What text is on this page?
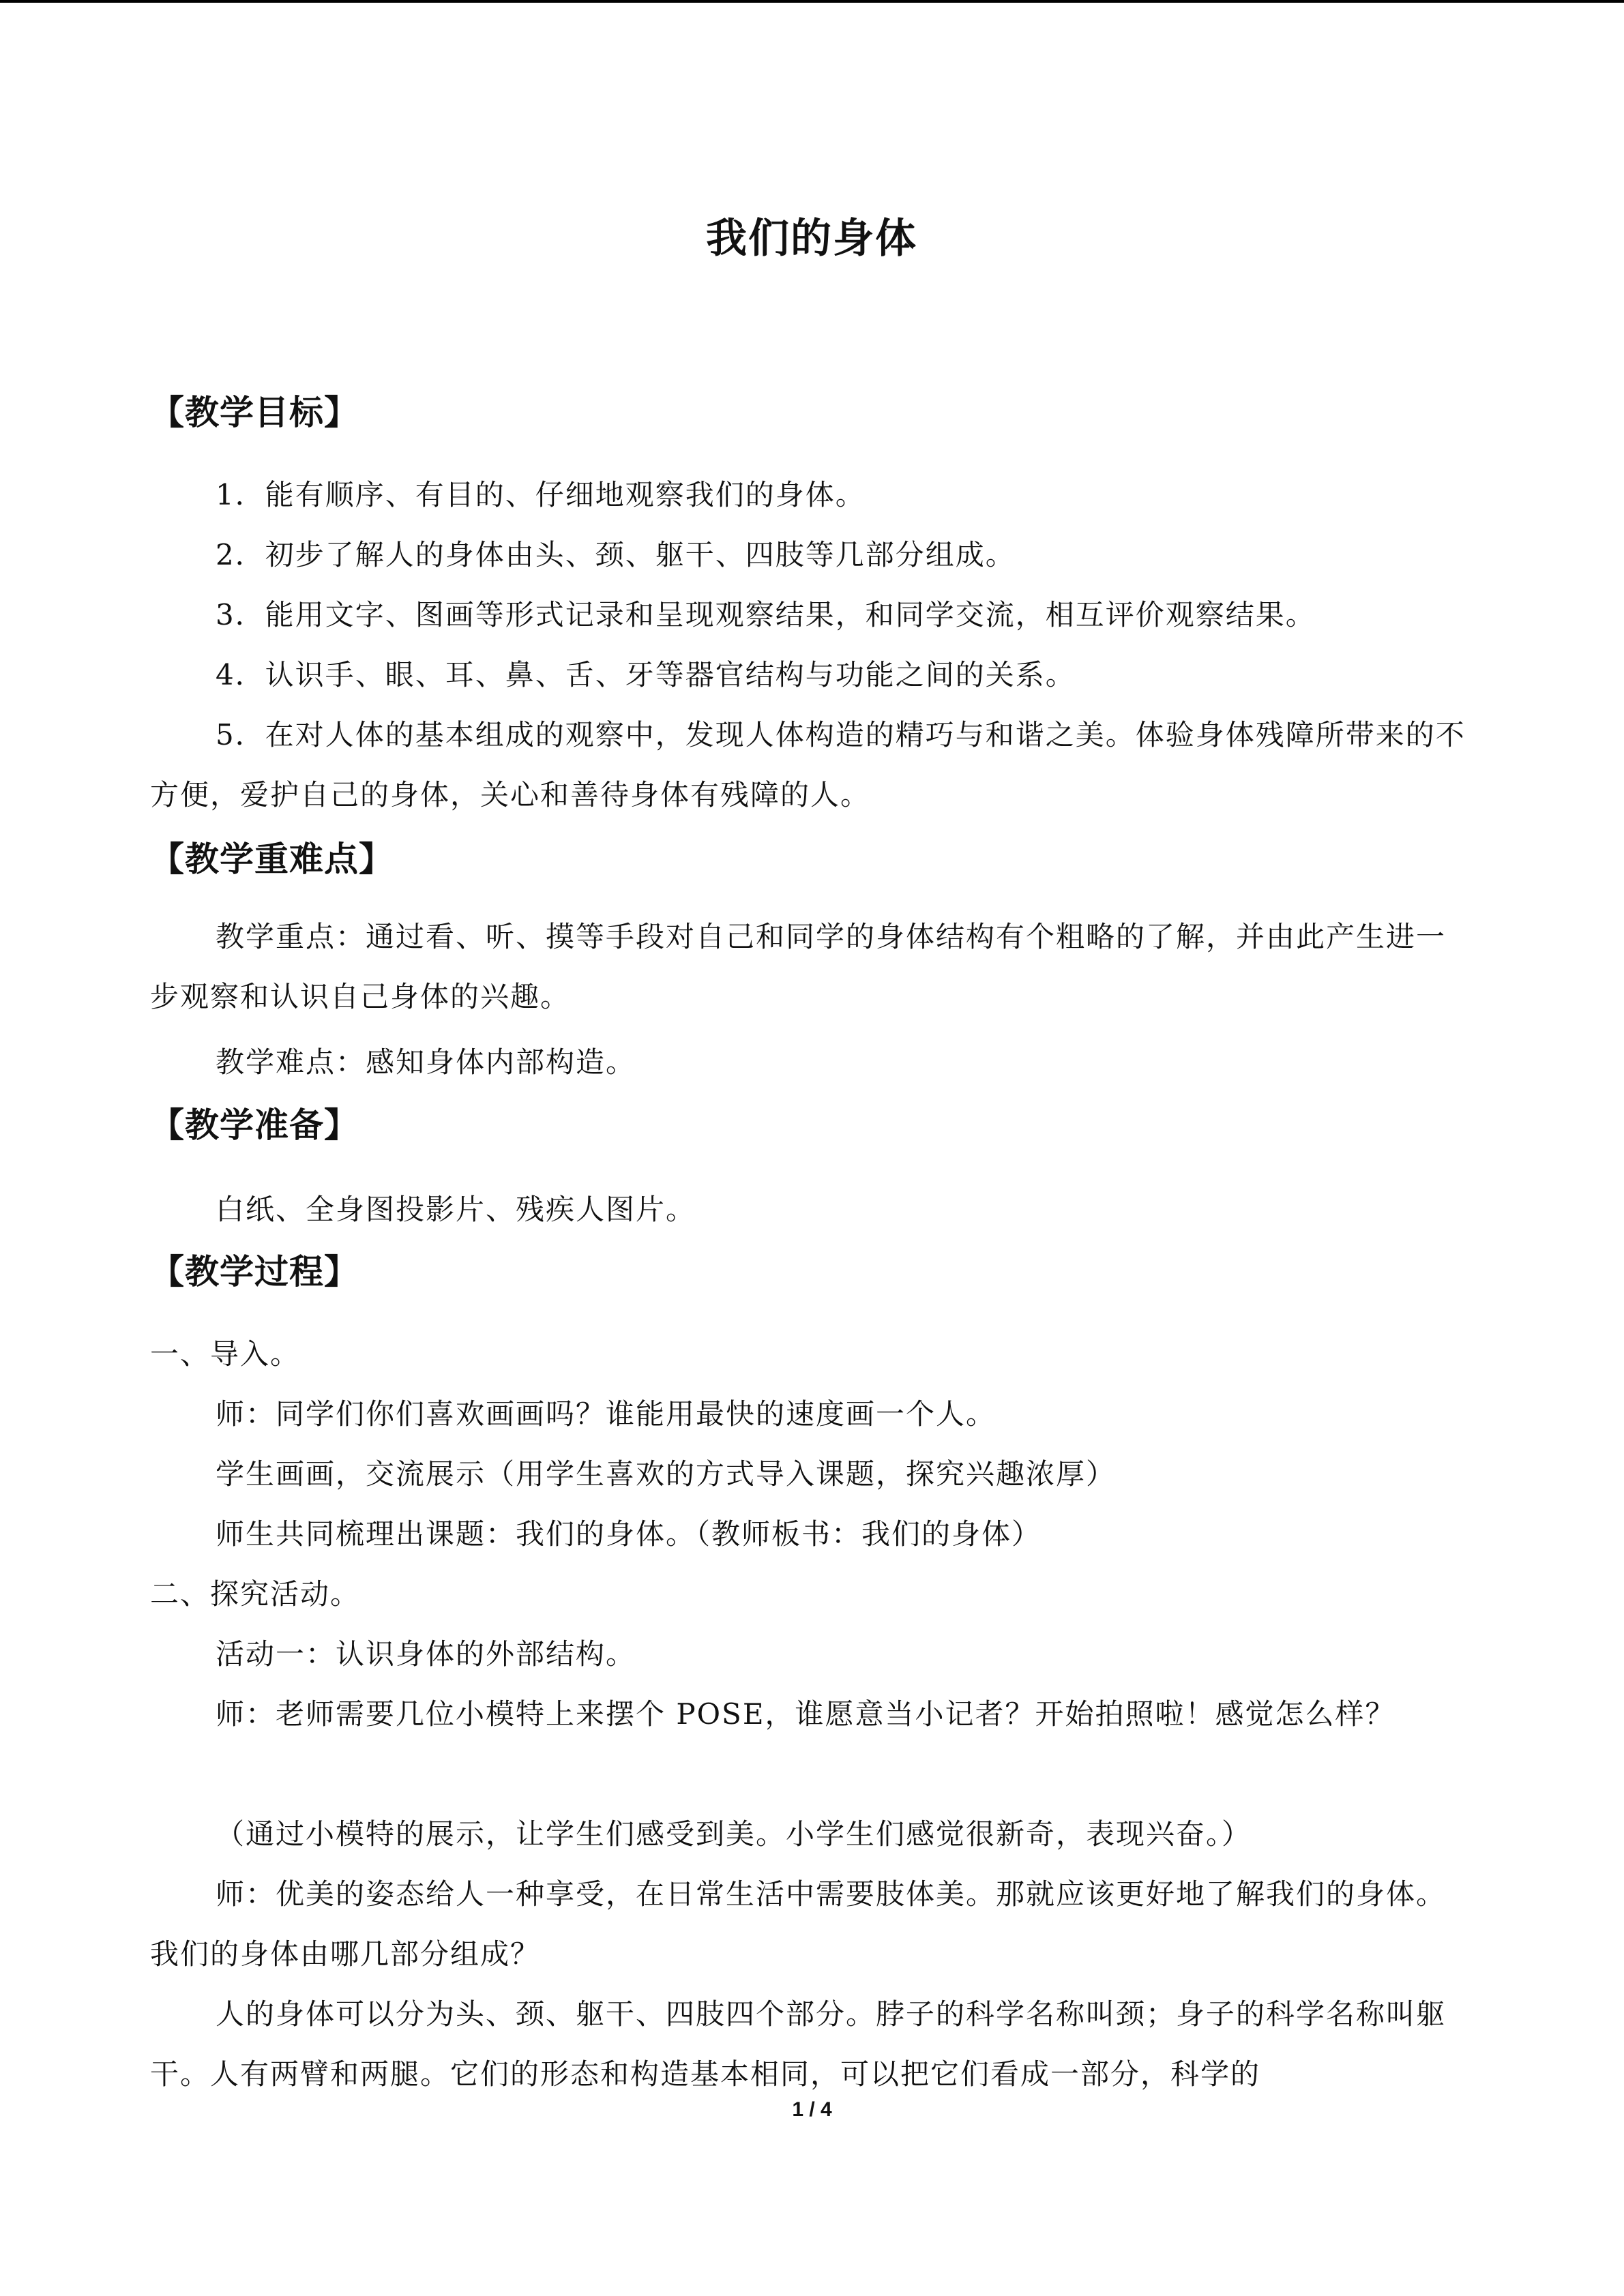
我们的身体
【教学目标】
1．能有顺序、有目的、仔细地观察我们的身体。
2．初步了解人的身体由头、颈、躯干、四肢等几部分组成。
3．能用文字、图画等形式记录和呈现观察结果，和同学交流，相互评价观察结果。
4．认识手、眼、耳、鼻、舌、牙等器官结构与功能之间的关系。
5．在对人体的基本组成的观察中，发现人体构造的精巧与和谐之美。体验身体残障所带来的不方便，爱护自己的身体，关心和善待身体有残障的人。
【教学重难点】
教学重点：通过看、听、摸等手段对自己和同学的身体结构有个粗略的了解，并由此产生进一步观察和认识自己身体的兴趣。
教学难点：感知身体内部构造。
【教学准备】
白纸、全身图投影片、残疾人图片。
【教学过程】
一、导入。
师：同学们你们喜欢画画吗？谁能用最快的速度画一个人。
学生画画，交流展示（用学生喜欢的方式导入课题，探究兴趣浓厚）
师生共同梳理出课题：我们的身体。（教师板书：我们的身体）
二、探究活动。
活动一：认识身体的外部结构。
师：老师需要几位小模特上来摆个 POSE，谁愿意当小记者？开始拍照啦！感觉怎么样？
（通过小模特的展示，让学生们感受到美。小学生们感觉很新奇，表现兴奋。）
师：优美的姿态给人一种享受，在日常生活中需要肢体美。那就应该更好地了解我们的身体。我们的身体由哪几部分组成？
人的身体可以分为头、颈、躯干、四肢四个部分。脖子的科学名称叫颈；身子的科学名称叫躯干。人有两臂和两腿。它们的形态和构造基本相同，可以把它们看成一部分，科学的
1 / 4
